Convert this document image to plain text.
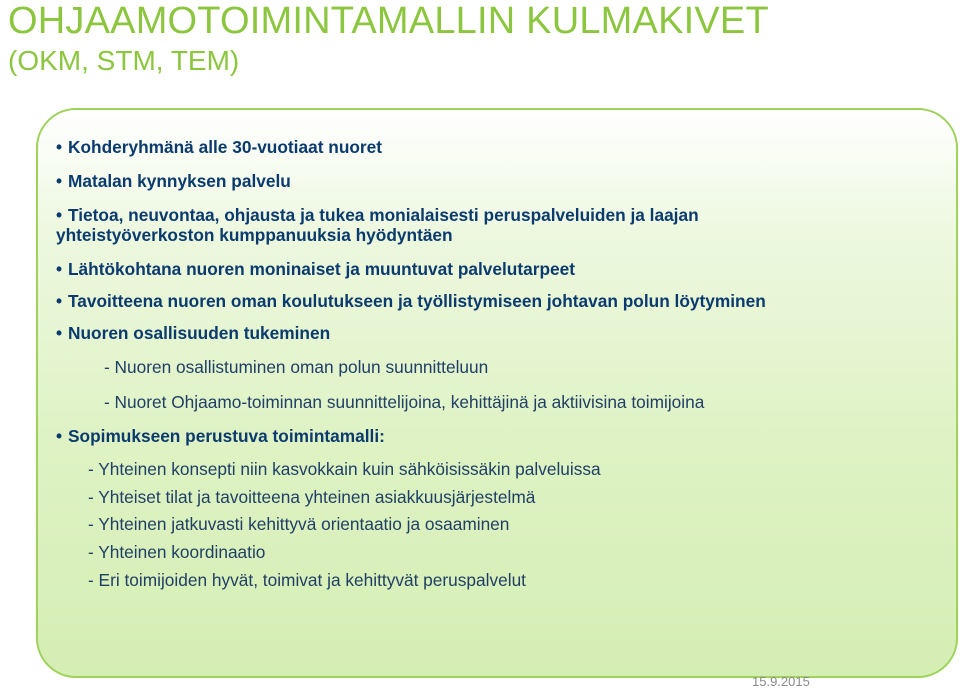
OHJAAMOTOIMINTAMALLIN KULMAKIVET
(OKM, STM, TEM)
• Kohderyhmänä alle 30-vuotiaat nuoret
• Matalan kynnyksen palvelu
• Tietoa, neuvontaa, ohjausta ja tukea monialaisesti peruspalveluiden ja laajan
yhteistyöverkoston kumppanuuksia hyödyntäen
• Lähtökohtana nuoren moninaiset ja muuntuvat palvelutarpeet
• Tavoitteena nuoren oman koulutukseen ja työllistymiseen johtavan polun löytyminen
• Nuoren osallisuuden tukeminen
- Nuoren osallistuminen oman polun suunnitteluun
- Nuoret Ohjaamo-toiminnan suunnittelijoina, kehittäjinä ja aktiivisina toimijoina
• Sopimukseen perustuva toimintamalli:
- Yhteinen konsepti niin kasvokkain kuin sähköisissäkin palveluissa
- Yhteiset tilat ja tavoitteena yhteinen asiakkuusjärjestelmä
- Yhteinen jatkuvasti kehittyvä orientaatio ja osaaminen
- Yhteinen koordinaatio
- Eri toimijoiden hyvät, toimivat ja kehittyvät peruspalvelut
15.9.2015
